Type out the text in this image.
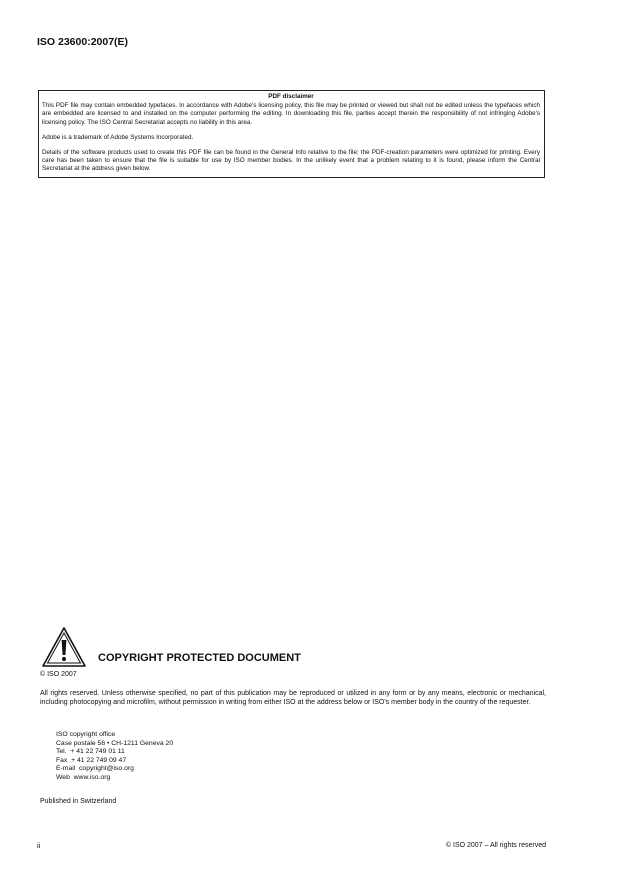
ISO 23600:2007(E)
PDF disclaimer

This PDF file may contain embedded typefaces. In accordance with Adobe's licensing policy, this file may be printed or viewed but shall not be edited unless the typefaces which are embedded are licensed to and installed on the computer performing the editing. In downloading this file, parties accept therein the responsibility of not infringing Adobe's licensing policy. The ISO Central Secretariat accepts no liability in this area.

Adobe is a trademark of Adobe Systems Incorporated.

Details of the software products used to create this PDF file can be found in the General Info relative to the file; the PDF-creation parameters were optimized for printing. Every care has been taken to ensure that the file is suitable for use by ISO member bodies. In the unlikely event that a problem relating to it is found, please inform the Central Secretariat at the address given below.

COPYRIGHT PROTECTED DOCUMENT
© ISO 2007

All rights reserved. Unless otherwise specified, no part of this publication may be reproduced or utilized in any form or by any means, electronic or mechanical, including photocopying and microfilm, without permission in writing from either ISO at the address below or ISO's member body in the country of the requester.

ISO copyright office
Case postale 56 • CH-1211 Geneva 20
Tel.  + 41 22 749 01 11
Fax  + 41 22 749 09 47
E-mail  copyright@iso.org
Web  www.iso.org
Published in Switzerland
ii	© ISO 2007 – All rights reserved
